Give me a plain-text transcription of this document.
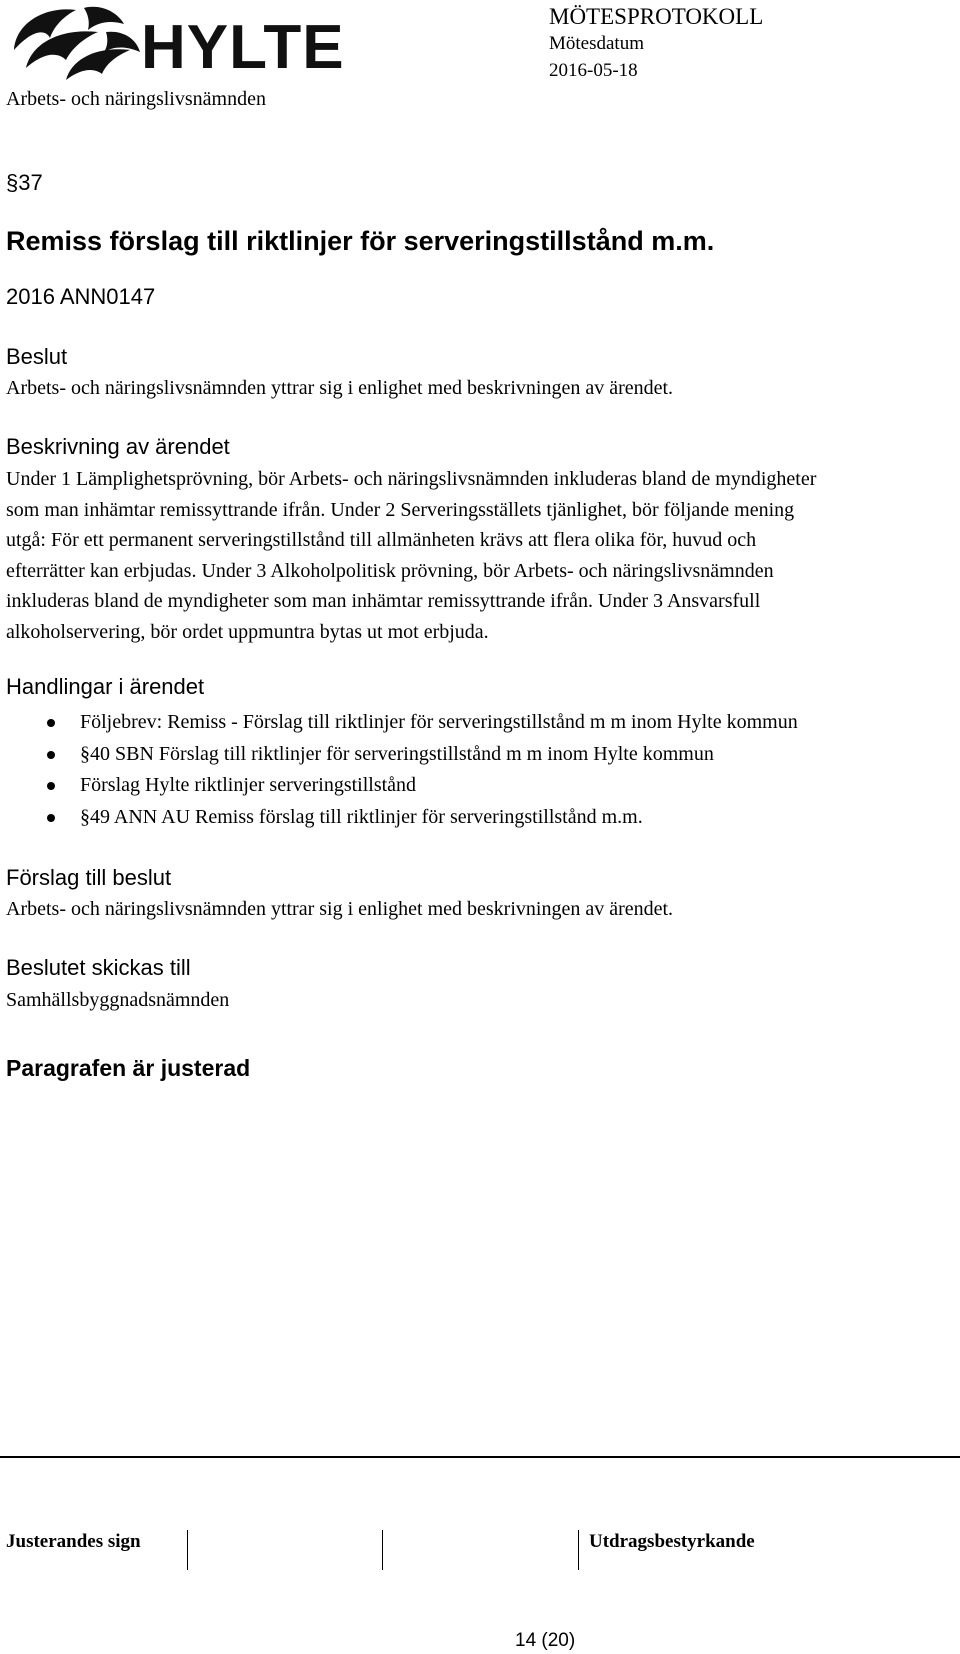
HYLTE
Arbets- och näringslivsnämnden
MÖTESPROTOKOLL
Mötesdatum
2016-05-18
§37
Remiss förslag till riktlinjer för serveringstillstånd m.m.
2016 ANN0147
Beslut
Arbets- och näringslivsnämnden yttrar sig i enlighet med beskrivningen av ärendet.
Beskrivning av ärendet
Under 1 Lämplighetsprövning, bör Arbets- och näringslivsnämnden inkluderas bland de myndigheter
som man inhämtar remissyttrande ifrån. Under 2 Serveringsställets tjänlighet, bör följande mening
utgå: För ett permanent serveringstillstånd till allmänheten krävs att flera olika för, huvud och
efterrätter kan erbjudas. Under 3 Alkoholpolitisk prövning, bör Arbets- och näringslivsnämnden
inkluderas bland de myndigheter som man inhämtar remissyttrande ifrån. Under 3 Ansvarsfull
alkoholservering, bör ordet uppmuntra bytas ut mot erbjuda.
Handlingar i ärendet
Följebrev: Remiss - Förslag till riktlinjer för serveringstillstånd m m inom Hylte kommun
§40 SBN Förslag till riktlinjer för serveringstillstånd m m inom Hylte kommun
Förslag Hylte riktlinjer serveringstillstånd
§49 ANN AU Remiss förslag till riktlinjer för serveringstillstånd m.m.
Förslag till beslut
Arbets- och näringslivsnämnden yttrar sig i enlighet med beskrivningen av ärendet.
Beslutet skickas till
Samhällsbyggnadsnämnden
Paragrafen är justerad
Justerandes sign	Utdragsbestyrkande
14 (20)
